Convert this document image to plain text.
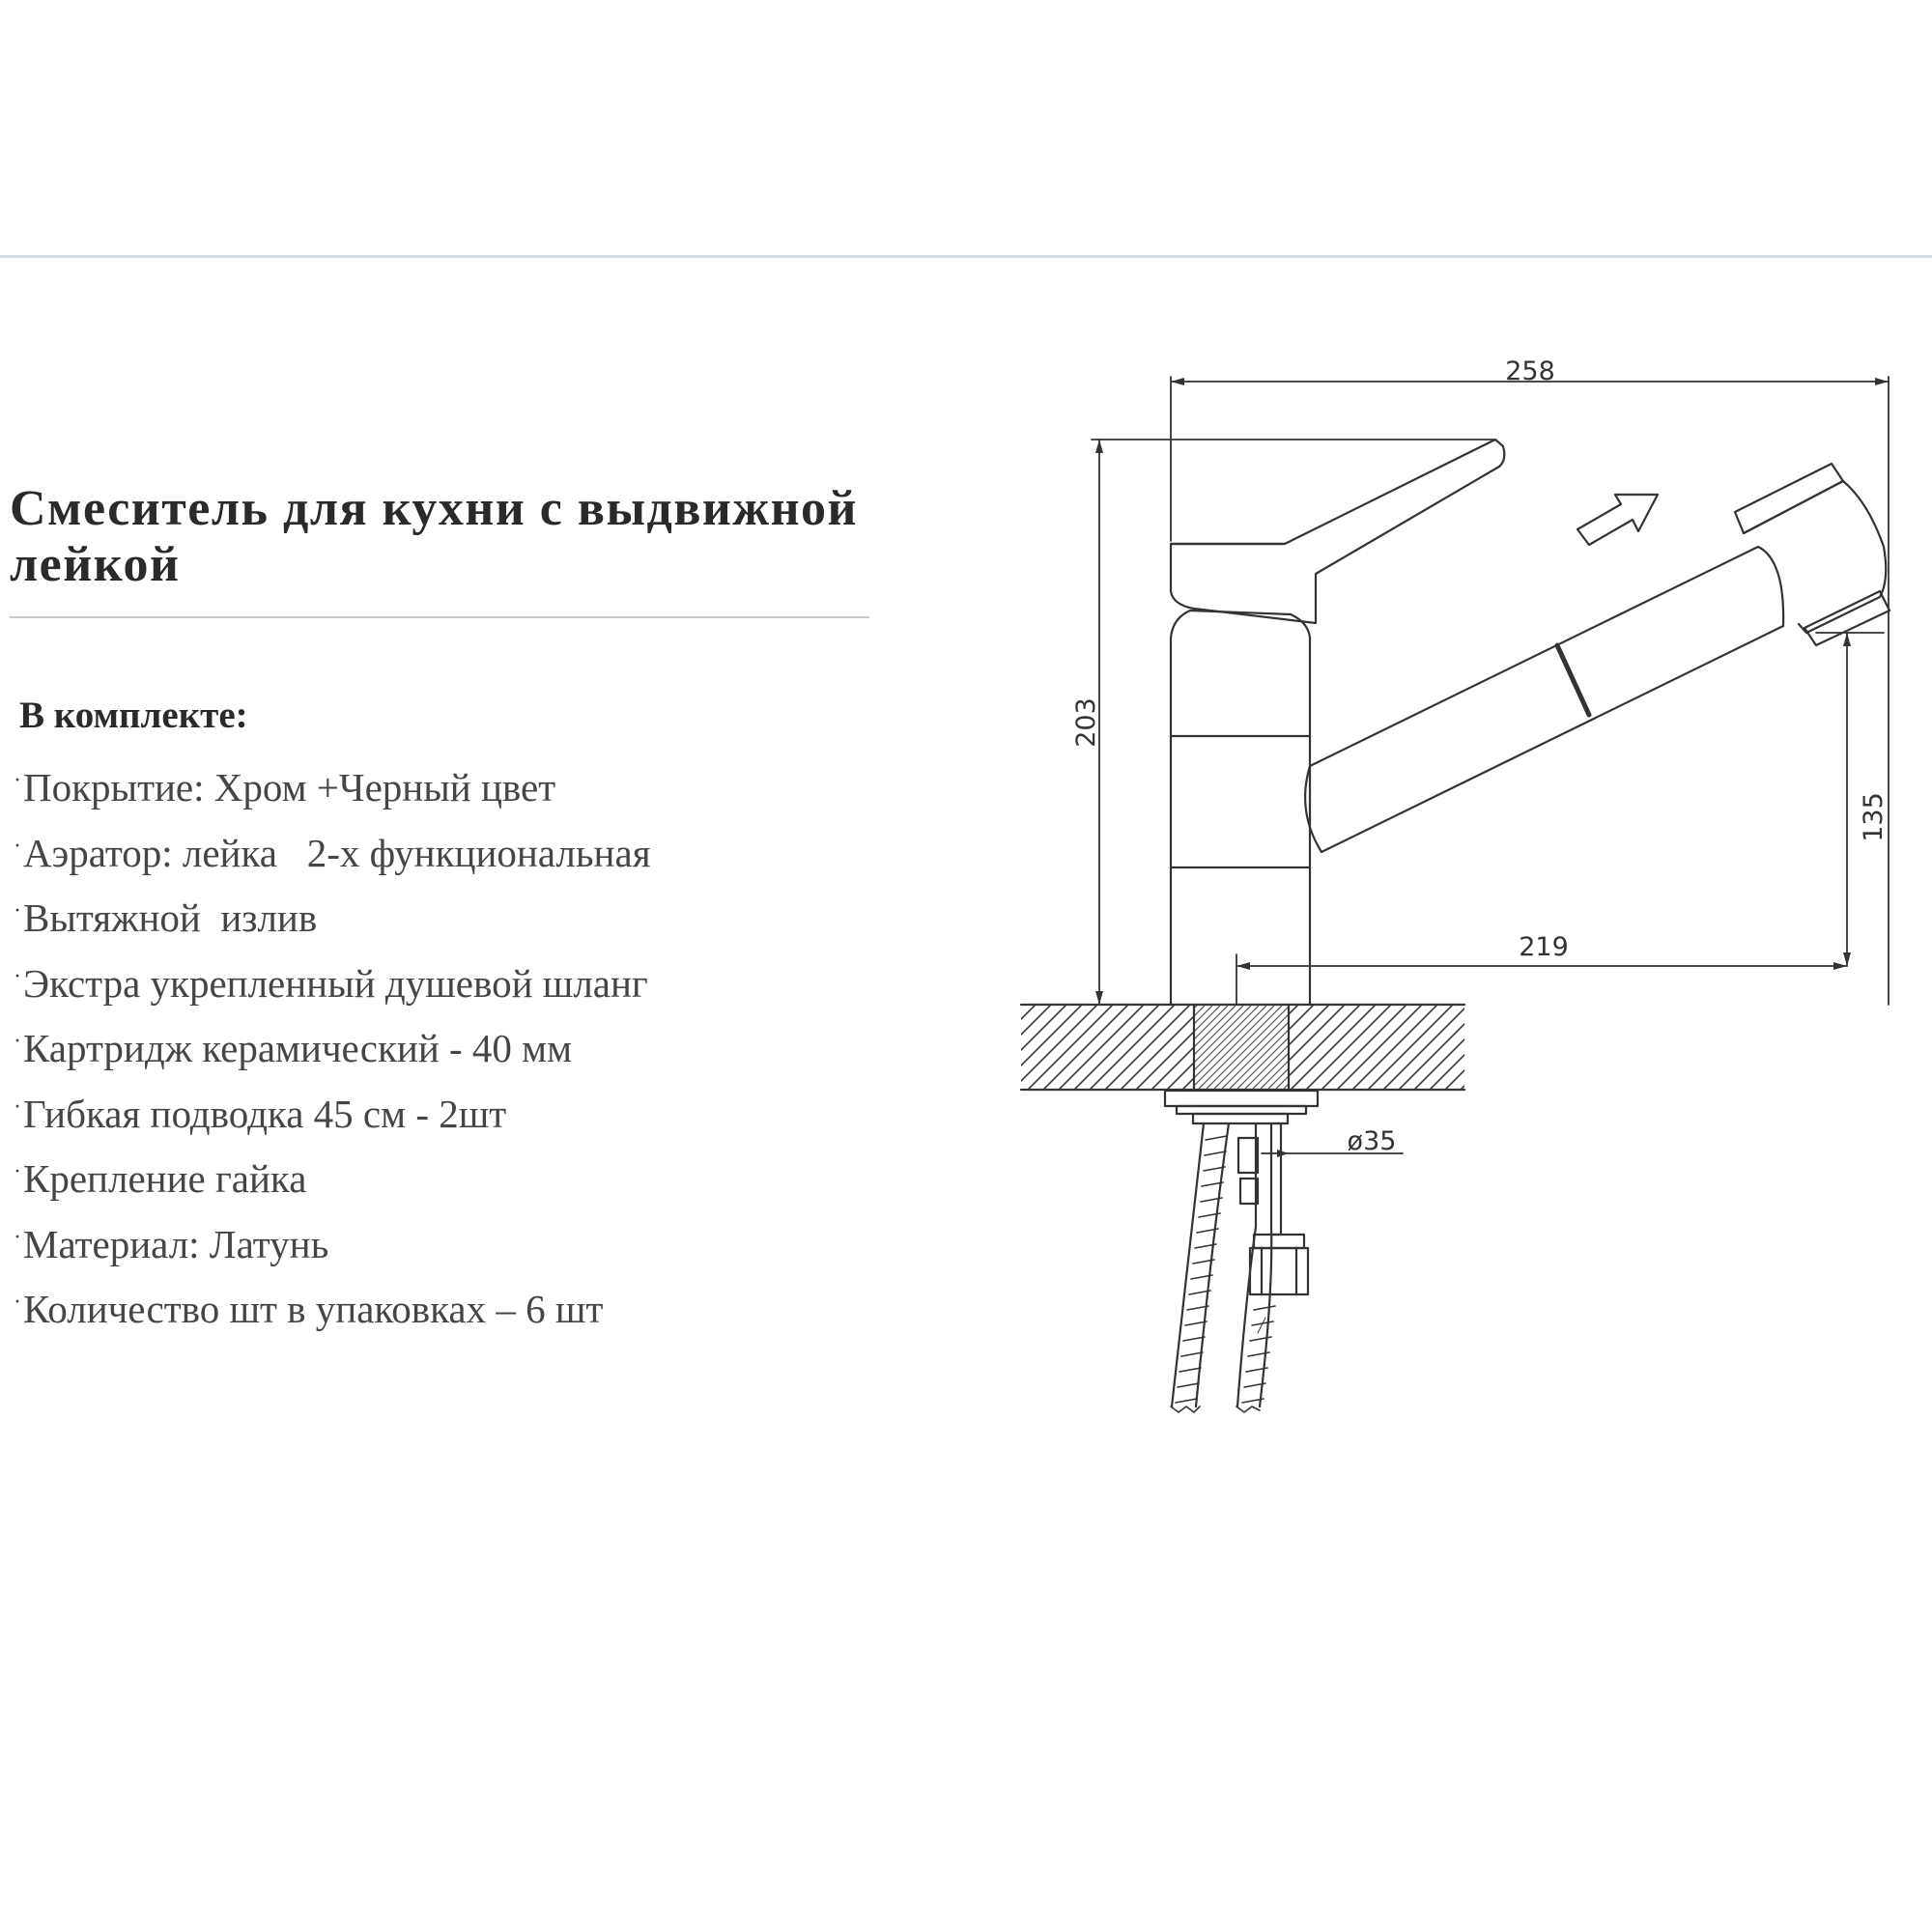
Смеситель для кухни с выдвижной лейкой
В комплекте:
·Покрытие: Хром +Черный цвет
·Аэратор: лейка   2-х функциональная
·Вытяжной  излив
·Экстра укрепленный душевой шланг
·Картридж керамический - 40 мм
·Гибкая подводка 45 см - 2шт
·Крепление гайка
·Материал: Латунь
·Количество шт в упаковках – 6 шт
258
203
135
219
ø35
